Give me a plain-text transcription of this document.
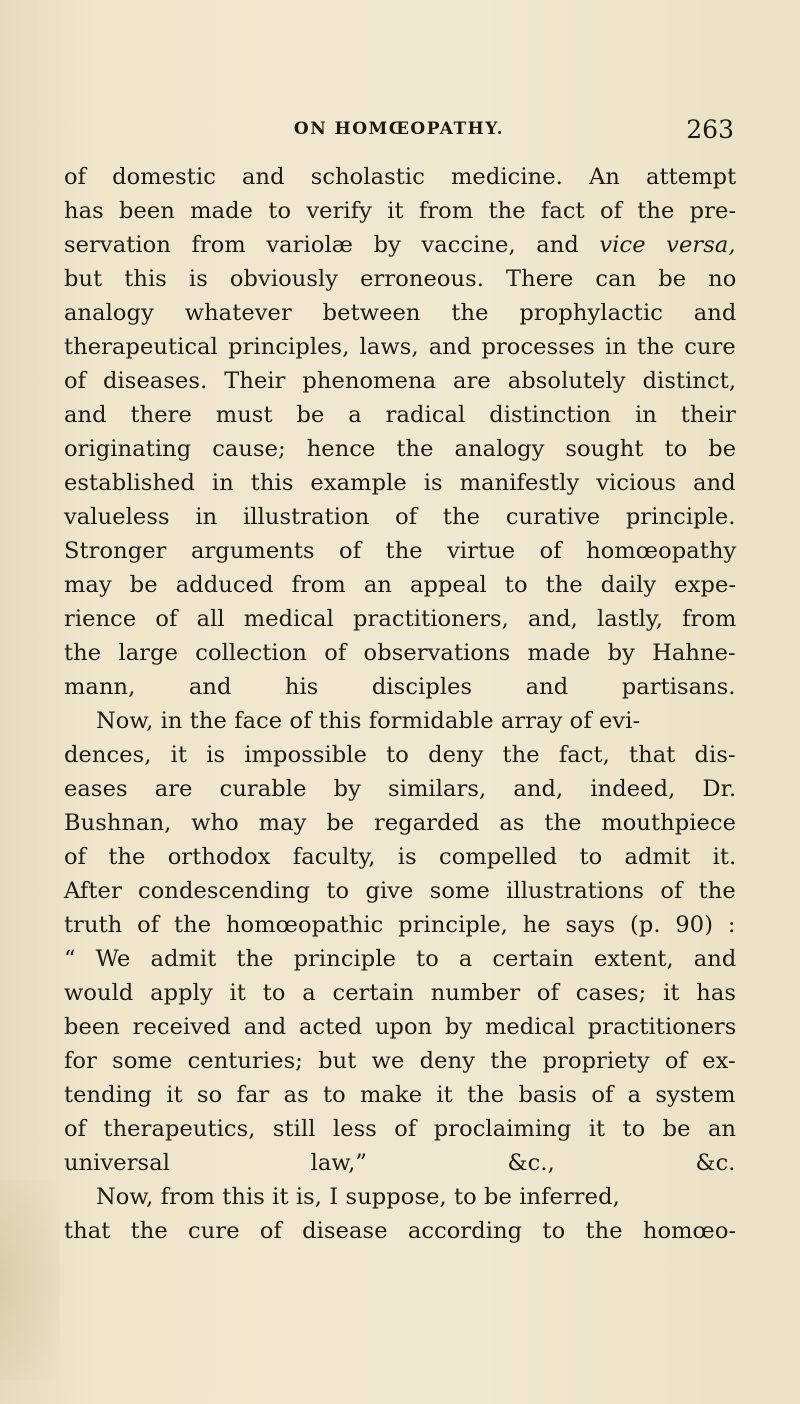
ON HOMŒOPATHY.	263
of domestic and scholastic medicine. An attempt
has been made to verify it from the fact of the pre-
servation from variolæ by vaccine, and vice versa,
but this is obviously erroneous. There can be no
analogy whatever between the prophylactic and
therapeutical principles, laws, and processes in the cure
of diseases. Their phenomena are absolutely distinct,
and there must be a radical distinction in their
originating cause; hence the analogy sought to be
established in this example is manifestly vicious and
valueless in illustration of the curative principle.
Stronger arguments of the virtue of homœopathy
may be adduced from an appeal to the daily expe-
rience of all medical practitioners, and, lastly, from
the large collection of observations made by Hahne-
mann, and his disciples and partisans.
Now, in the face of this formidable array of evi-
dences, it is impossible to deny the fact, that dis-
eases are curable by similars, and, indeed, Dr.
Bushnan, who may be regarded as the mouthpiece
of the orthodox faculty, is compelled to admit it.
After condescending to give some illustrations of the
truth of the homœopathic principle, he says (p. 90) :
“ We admit the principle to a certain extent, and
would apply it to a certain number of cases; it has
been received and acted upon by medical practitioners
for some centuries; but we deny the propriety of ex-
tending it so far as to make it the basis of a system
of therapeutics, still less of proclaiming it to be an
universal law,” &c., &c.
Now, from this it is, I suppose, to be inferred,
that the cure of disease according to the homœo-
